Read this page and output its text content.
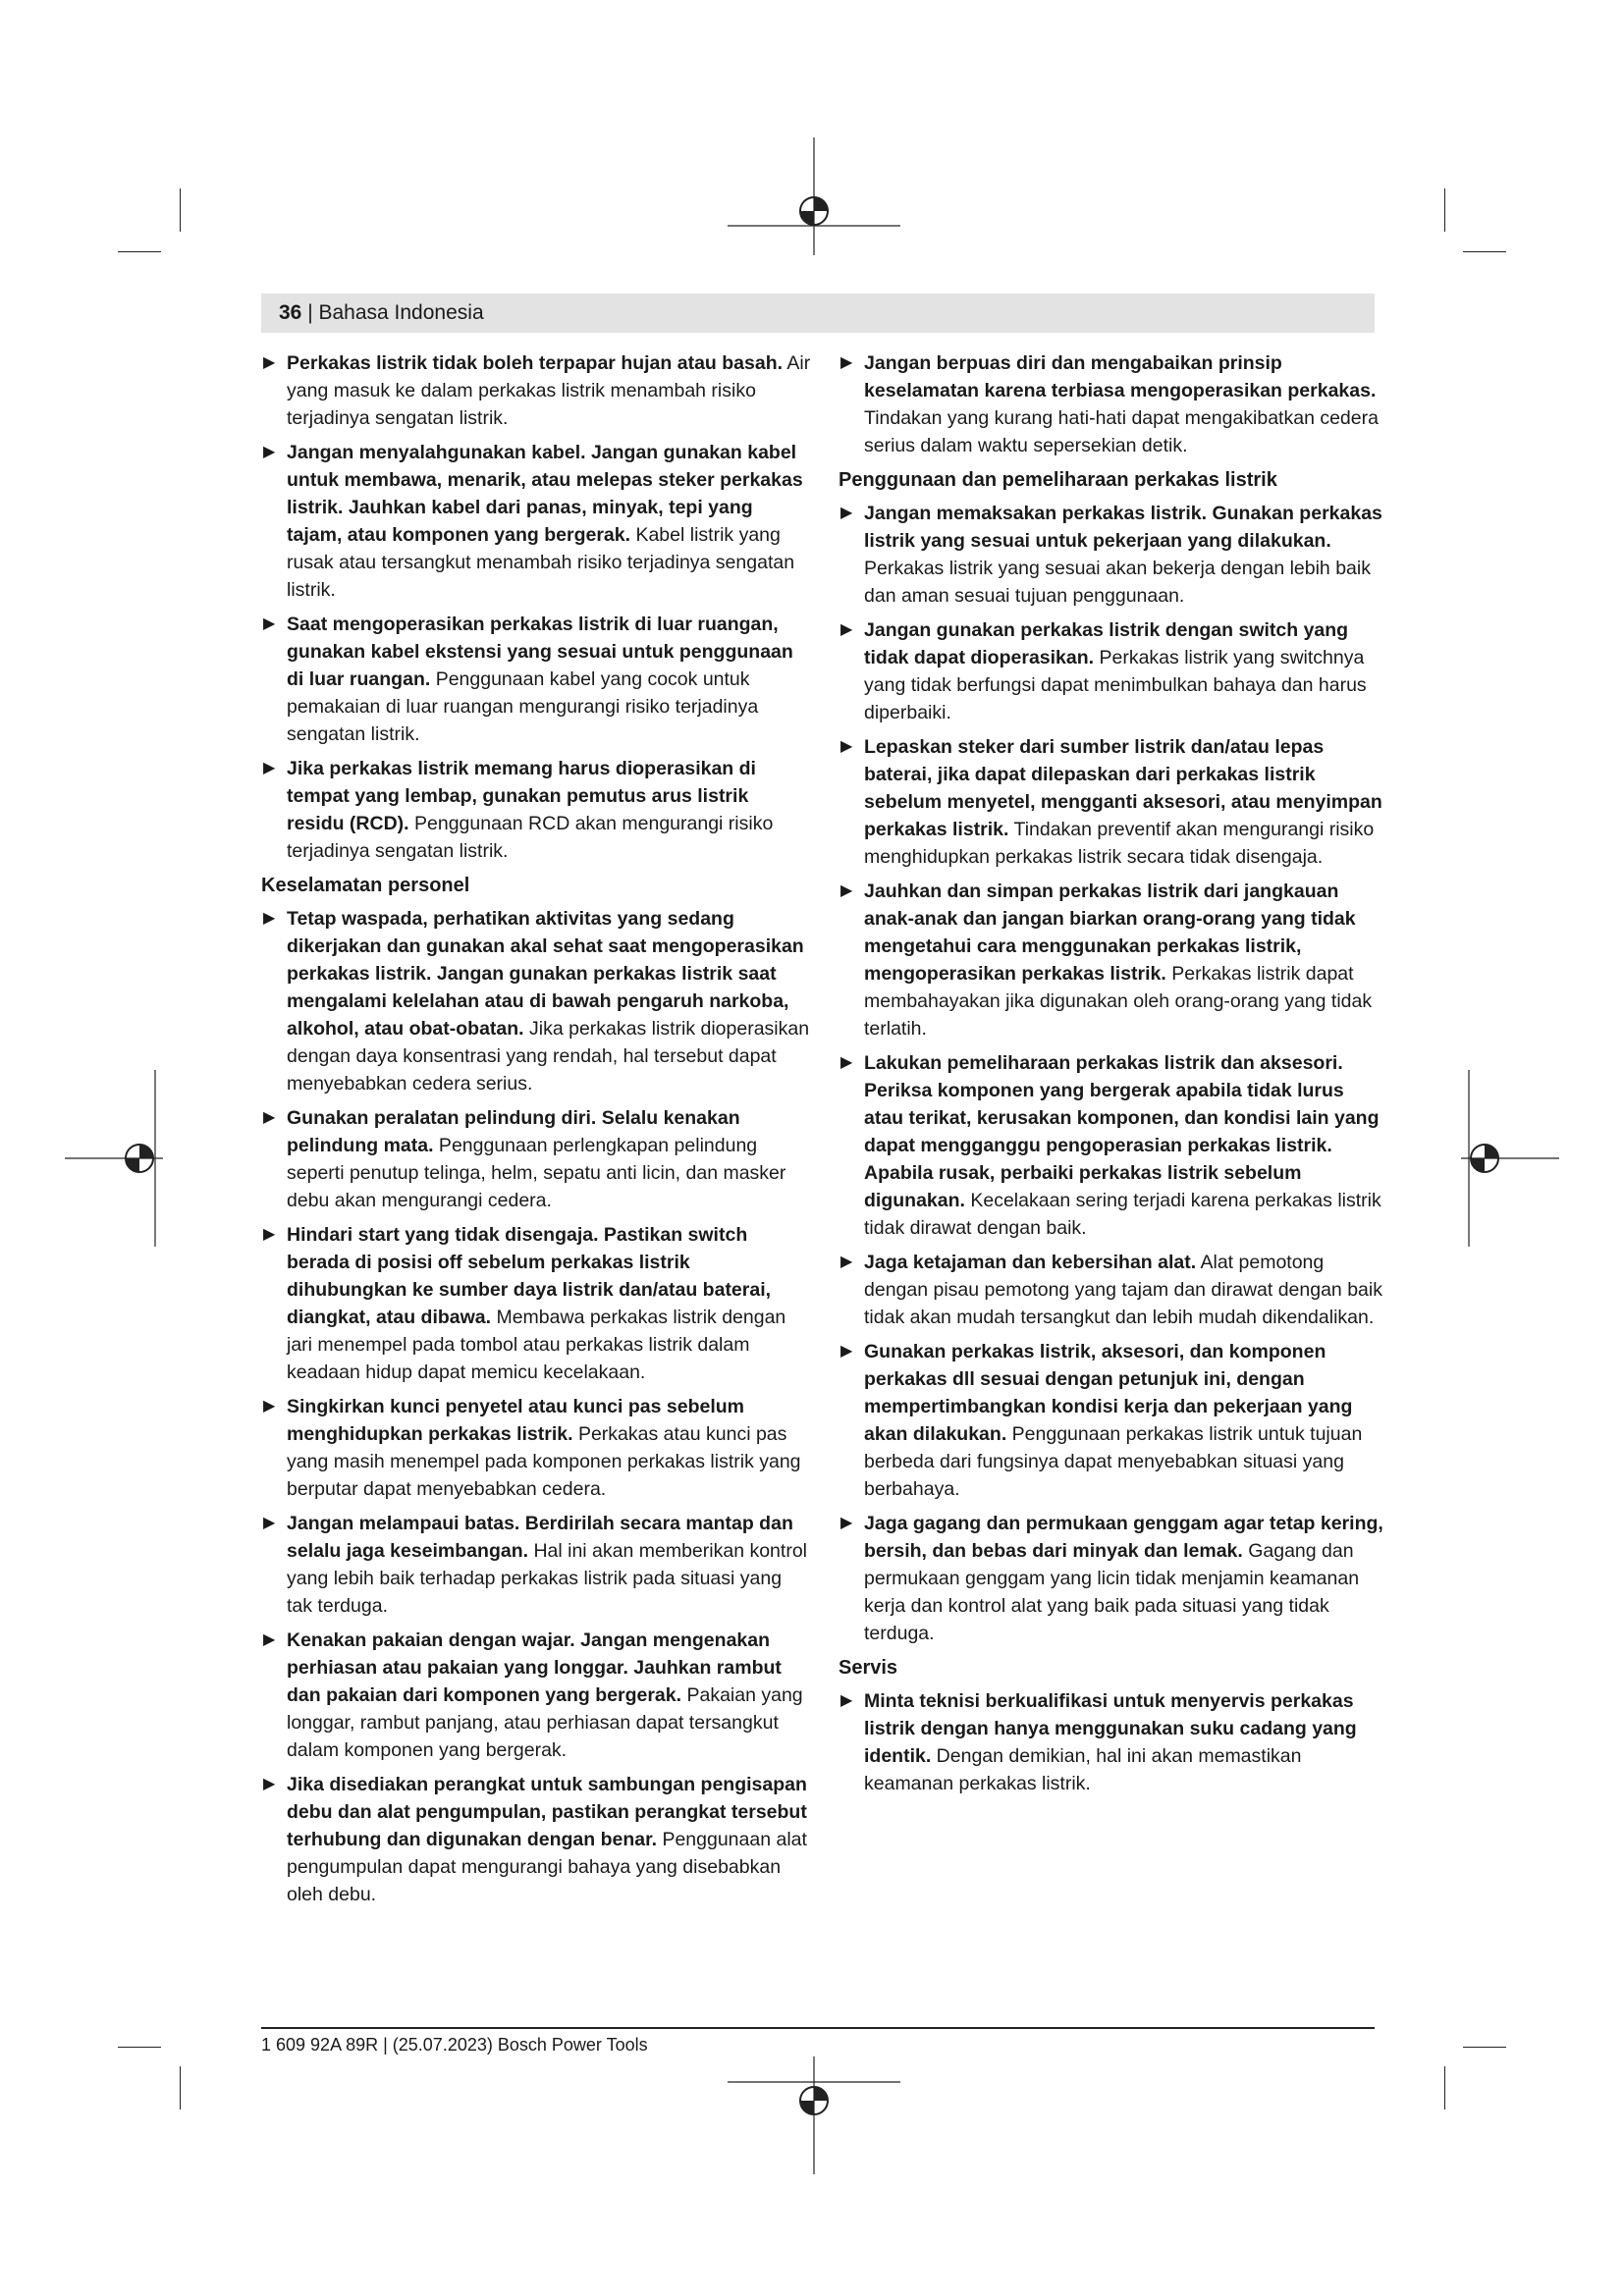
36 | Bahasa Indonesia
▶ Perkakas listrik tidak boleh terpapar hujan atau basah. Air yang masuk ke dalam perkakas listrik menambah risiko terjadinya sengatan listrik.
▶ Jangan menyalahgunakan kabel. Jangan gunakan kabel untuk membawa, menarik, atau melepas steker perkakas listrik. Jauhkan kabel dari panas, minyak, tepi yang tajam, atau komponen yang bergerak. Kabel listrik yang rusak atau tersangkut menambah risiko terjadinya sengatan listrik.
▶ Saat mengoperasikan perkakas listrik di luar ruangan, gunakan kabel ekstensi yang sesuai untuk penggunaan di luar ruangan. Penggunaan kabel yang cocok untuk pemakaian di luar ruangan mengurangi risiko terjadinya sengatan listrik.
▶ Jika perkakas listrik memang harus dioperasikan di tempat yang lembap, gunakan pemutus arus listrik residu (RCD). Penggunaan RCD akan mengurangi risiko terjadinya sengatan listrik.
Keselamatan personel
▶ Tetap waspada, perhatikan aktivitas yang sedang dikerjakan dan gunakan akal sehat saat mengoperasikan perkakas listrik. Jangan gunakan perkakas listrik saat mengalami kelelahan atau di bawah pengaruh narkoba, alkohol, atau obat-obatan. Jika perkakas listrik dioperasikan dengan daya konsentrasi yang rendah, hal tersebut dapat menyebabkan cedera serius.
▶ Gunakan peralatan pelindung diri. Selalu kenakan pelindung mata. Penggunaan perlengkapan pelindung seperti penutup telinga, helm, sepatu anti licin, dan masker debu akan mengurangi cedera.
▶ Hindari start yang tidak disengaja. Pastikan switch berada di posisi off sebelum perkakas listrik dihubungkan ke sumber daya listrik dan/atau baterai, diangkat, atau dibawa. Membawa perkakas listrik dengan jari menempel pada tombol atau perkakas listrik dalam keadaan hidup dapat memicu kecelakaan.
▶ Singkirkan kunci penyetel atau kunci pas sebelum menghidupkan perkakas listrik. Perkakas atau kunci pas yang masih menempel pada komponen perkakas listrik yang berputar dapat menyebabkan cedera.
▶ Jangan melampaui batas. Berdirilah secara mantap dan selalu jaga keseimbangan. Hal ini akan memberikan kontrol yang lebih baik terhadap perkakas listrik pada situasi yang tak terduga.
▶ Kenakan pakaian dengan wajar. Jangan mengenakan perhiasan atau pakaian yang longgar. Jauhkan rambut dan pakaian dari komponen yang bergerak. Pakaian yang longgar, rambut panjang, atau perhiasan dapat tersangkut dalam komponen yang bergerak.
▶ Jika disediakan perangkat untuk sambungan pengisapan debu dan alat pengumpulan, pastikan perangkat tersebut terhubung dan digunakan dengan benar. Penggunaan alat pengumpulan dapat mengurangi bahaya yang disebabkan oleh debu.
▶ Jangan berpuas diri dan mengabaikan prinsip keselamatan karena terbiasa mengoperasikan perkakas. Tindakan yang kurang hati-hati dapat mengakibatkan cedera serius dalam waktu sepersekian detik.
Penggunaan dan pemeliharaan perkakas listrik
▶ Jangan memaksakan perkakas listrik. Gunakan perkakas listrik yang sesuai untuk pekerjaan yang dilakukan. Perkakas listrik yang sesuai akan bekerja dengan lebih baik dan aman sesuai tujuan penggunaan.
▶ Jangan gunakan perkakas listrik dengan switch yang tidak dapat dioperasikan. Perkakas listrik yang switchnya yang tidak berfungsi dapat menimbulkan bahaya dan harus diperbaiki.
▶ Lepaskan steker dari sumber listrik dan/atau lepas baterai, jika dapat dilepaskan dari perkakas listrik sebelum menyetel, mengganti aksesori, atau menyimpan perkakas listrik. Tindakan preventif akan mengurangi risiko menghidupkan perkakas listrik secara tidak disengaja.
▶ Jauhkan dan simpan perkakas listrik dari jangkauan anak-anak dan jangan biarkan orang-orang yang tidak mengetahui cara menggunakan perkakas listrik, mengoperasikan perkakas listrik. Perkakas listrik dapat membahayakan jika digunakan oleh orang-orang yang tidak terlatih.
▶ Lakukan pemeliharaan perkakas listrik dan aksesori. Periksa komponen yang bergerak apabila tidak lurus atau terikat, kerusakan komponen, dan kondisi lain yang dapat mengganggu pengoperasian perkakas listrik. Apabila rusak, perbaiki perkakas listrik sebelum digunakan. Kecelakaan sering terjadi karena perkakas listrik tidak dirawat dengan baik.
▶ Jaga ketajaman dan kebersihan alat. Alat pemotong dengan pisau pemotong yang tajam dan dirawat dengan baik tidak akan mudah tersangkut dan lebih mudah dikendalikan.
▶ Gunakan perkakas listrik, aksesori, dan komponen perkakas dll sesuai dengan petunjuk ini, dengan mempertimbangkan kondisi kerja dan pekerjaan yang akan dilakukan. Penggunaan perkakas listrik untuk tujuan berbeda dari fungsinya dapat menyebabkan situasi yang berbahaya.
▶ Jaga gagang dan permukaan genggam agar tetap kering, bersih, dan bebas dari minyak dan lemak. Gagang dan permukaan genggam yang licin tidak menjamin keamanan kerja dan kontrol alat yang baik pada situasi yang tidak terduga.
Servis
▶ Minta teknisi berkualifikasi untuk menyervis perkakas listrik dengan hanya menggunakan suku cadang yang identik. Dengan demikian, hal ini akan memastikan keamanan perkakas listrik.
1 609 92A 89R | (25.07.2023) Bosch Power Tools
